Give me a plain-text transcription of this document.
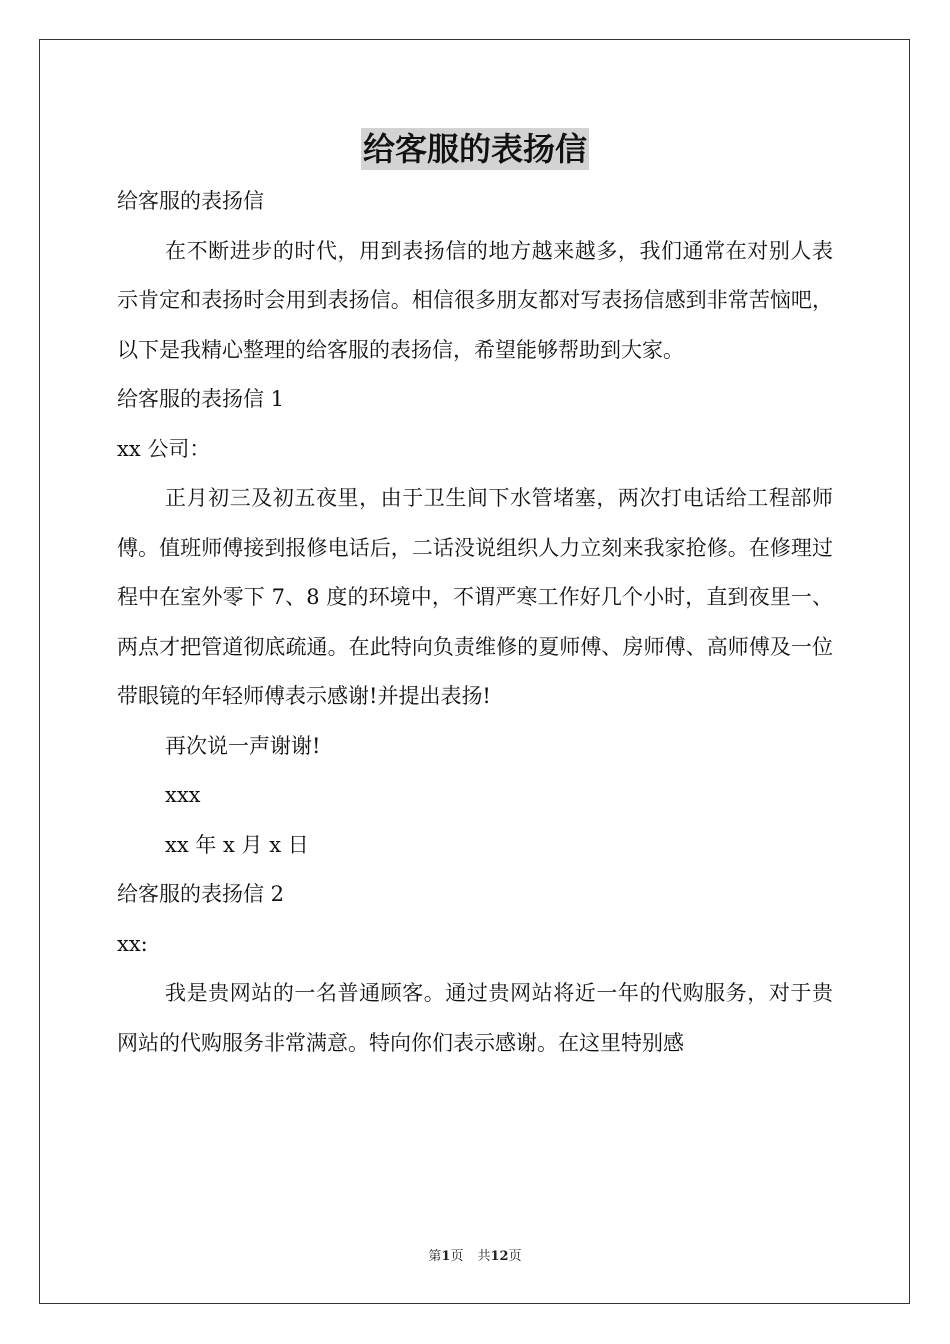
给客服的表扬信

给客服的表扬信

在不断进步的时代，用到表扬信的地方越来越多，我们通常在对别人表示肯定和表扬时会用到表扬信。相信很多朋友都对写表扬信感到非常苦恼吧，以下是我精心整理的给客服的表扬信，希望能够帮助到大家。

给客服的表扬信 1

xx 公司：

正月初三及初五夜里，由于卫生间下水管堵塞，两次打电话给工程部师傅。值班师傅接到报修电话后，二话没说组织人力立刻来我家抢修。在修理过程中在室外零下 7、8 度的环境中，不谓严寒工作好几个小时，直到夜里一、两点才把管道彻底疏通。在此特向负责维修的夏师傅、房师傅、高师傅及一位带眼镜的年轻师傅表示感谢!并提出表扬!

再次说一声谢谢!

xxx

xx 年 x 月 x 日

给客服的表扬信 2

xx:

我是贵网站的一名普通顾客。通过贵网站将近一年的代购服务，对于贵网站的代购服务非常满意。特向你们表示感谢。在这里特别感

第1页 共12页
